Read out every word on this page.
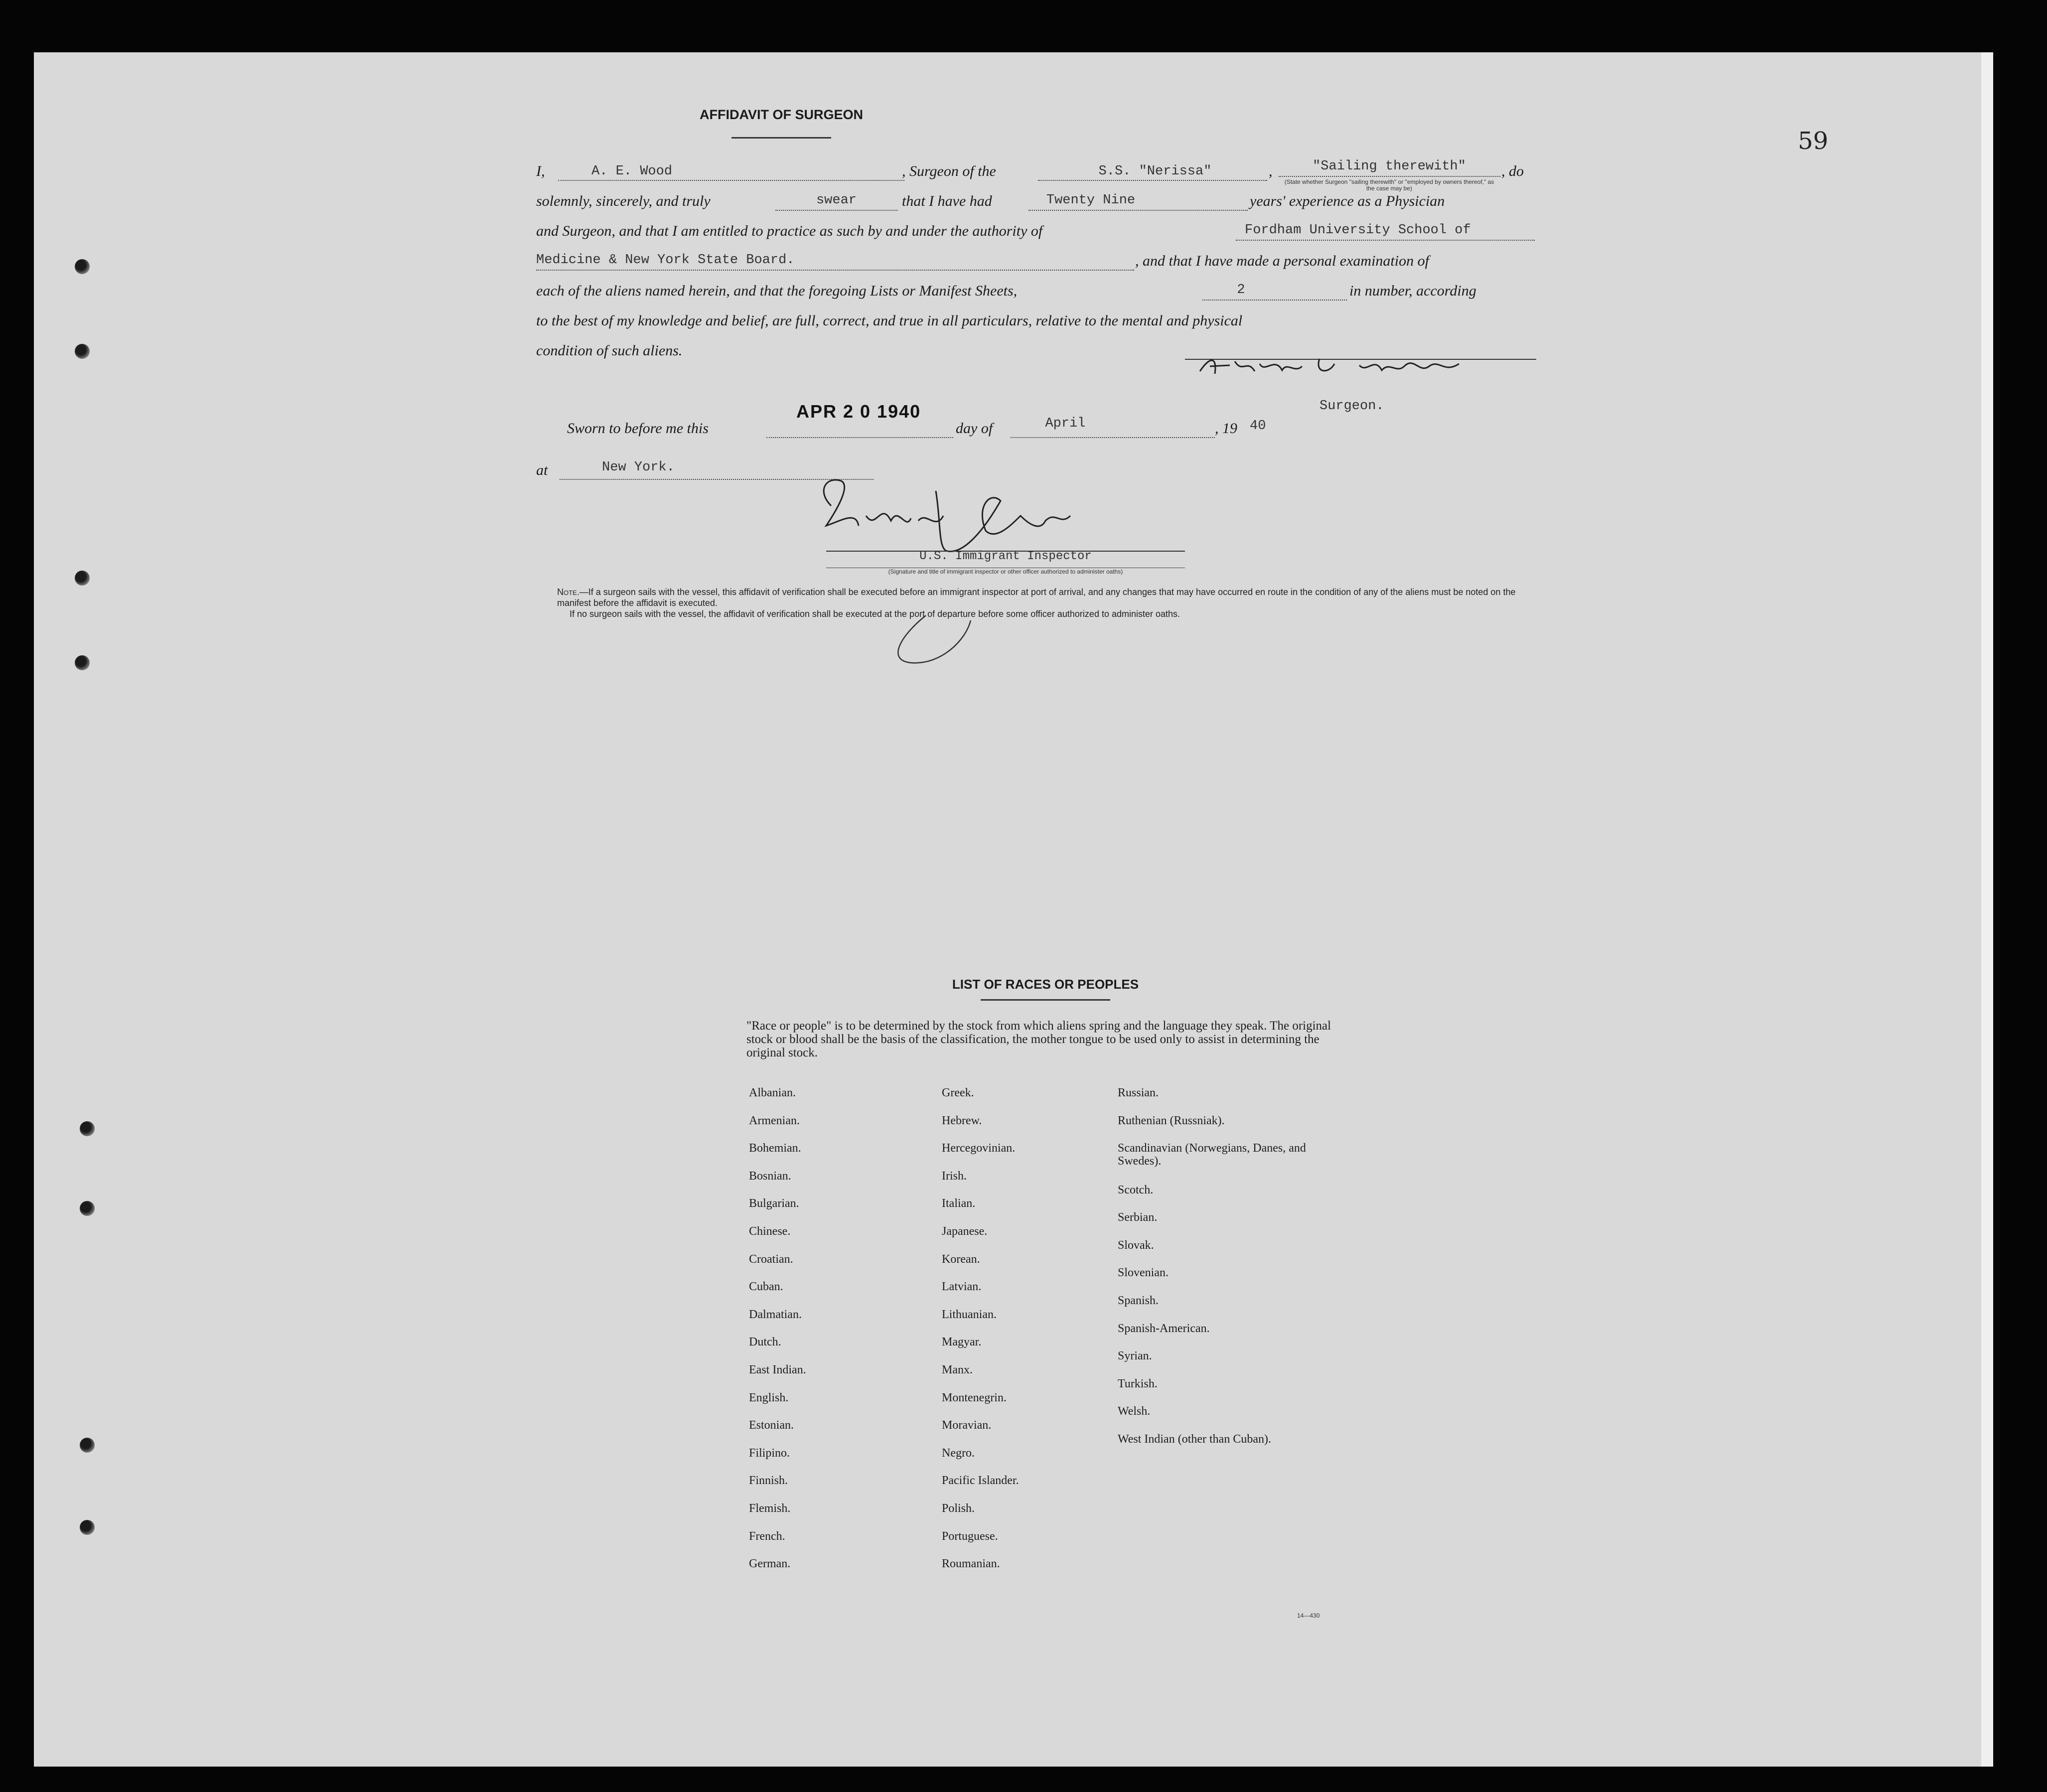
59
AFFIDAVIT OF SURGEON
I,	A. E. Wood	, Surgeon of the	S.S. "Nerissa"	,	"Sailing therewith"
(State whether Surgeon "sailing therewith" or "employed by owners thereof," as the case may be)
, do
solemnly, sincerely, and truly	swear	that I have had	Twenty Nine	years' experience as a Physician
and Surgeon, and that I am entitled to practice as such by and under the authority of	Fordham University School of
Medicine & New York State Board.	, and that I have made a personal examination of
each of the aliens named herein, and that the foregoing Lists or Manifest Sheets,	2	in number, according
to the best of my knowledge and belief, are full, correct, and true in all particulars, relative to the mental and physical
condition of such aliens.
Surgeon.
Sworn to before me this
APR 2 0 1940
day of	April	, 19 40
at	New York.
U.S. Immigrant Inspector
(Signature and title of immigrant inspector or other officer authorized to administer oaths)
Note.—If a surgeon sails with the vessel, this affidavit of verification shall be executed before an immigrant inspector at port of arrival, and any changes that may have occurred en route in the condition of any of the aliens must be noted on the manifest before the affidavit is executed.
If no surgeon sails with the vessel, the affidavit of verification shall be executed at the port of departure before some officer authorized to administer oaths.
LIST OF RACES OR PEOPLES
"Race or people" is to be determined by the stock from which aliens spring and the language they speak. The original stock or blood shall be the basis of the classification, the mother tongue to be used only to assist in determining the original stock.
Albanian.
Armenian.
Bohemian.
Bosnian.
Bulgarian.
Chinese.
Croatian.
Cuban.
Dalmatian.
Dutch.
East Indian.
English.
Estonian.
Filipino.
Finnish.
Flemish.
French.
German.
Greek.
Hebrew.
Hercegovinian.
Irish.
Italian.
Japanese.
Korean.
Latvian.
Lithuanian.
Magyar.
Manx.
Montenegrin.
Moravian.
Negro.
Pacific Islander.
Polish.
Portuguese.
Roumanian.
Russian.
Ruthenian (Russniak).
Scandinavian (Norwegians, Danes, and Swedes).
Scotch.
Serbian.
Slovak.
Slovenian.
Spanish.
Spanish-American.
Syrian.
Turkish.
Welsh.
West Indian (other than Cuban).
14—430
